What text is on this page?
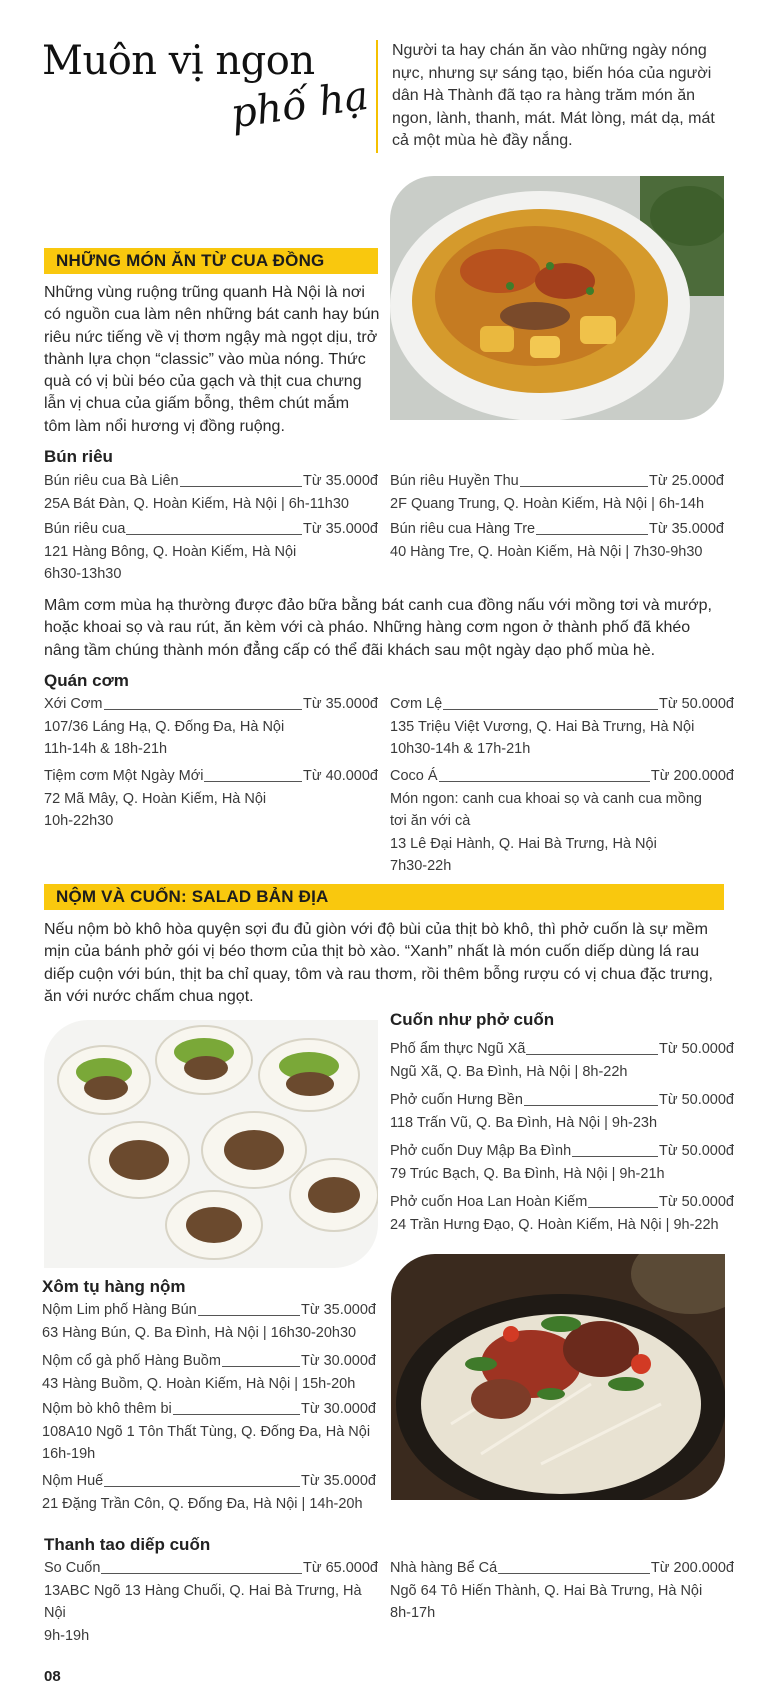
Muôn vị ngon
phố hạ

Người ta hay chán ăn vào những ngày nóng nực, nhưng sự sáng tạo, biến hóa của người dân Hà Thành đã tạo ra hàng trăm món ăn ngon, lành, thanh, mát. Mát lòng, mát dạ, mát cả một mùa hè đầy nắng.

NHỮNG MÓN ĂN TỪ CUA ĐỒNG

Những vùng ruộng trũng quanh Hà Nội là nơi có nguồn cua làm nên những bát canh hay bún riêu nức tiếng về vị thơm ngậy mà ngọt dịu, trở thành lựa chọn “classic” vào mùa nóng. Thức quà có vị bùi béo của gạch và thịt cua chưng lẫn vị chua của giấm bỗng, thêm chút mắm tôm làm nổi hương vị đồng ruộng.

Bún riêu
Bún riêu cua Bà Liên	Từ 35.000đ
25A Bát Đàn, Q. Hoàn Kiếm, Hà Nội | 6h-11h30
Bún riêu cua	Từ 35.000đ
121 Hàng Bông, Q. Hoàn Kiếm, Hà Nội
6h30-13h30
Bún riêu Huyền Thu	Từ 25.000đ
2F Quang Trung, Q. Hoàn Kiếm, Hà Nội | 6h-14h
Bún riêu cua Hàng Tre	Từ 35.000đ
40 Hàng Tre, Q. Hoàn Kiếm, Hà Nội | 7h30-9h30

Mâm cơm mùa hạ thường được đảo bữa bằng bát canh cua đồng nấu với mồng tơi và mướp, hoặc khoai sọ và rau rút, ăn kèm với cà pháo. Những hàng cơm ngon ở thành phố đã khéo nâng tầm chúng thành món đẳng cấp có thể đãi khách sau một ngày dạo phố mùa hè.

Quán cơm
Xới Cơm	Từ 35.000đ
107/36 Láng Hạ, Q. Đống Đa, Hà Nội
11h-14h & 18h-21h
Tiệm cơm Một Ngày Mới	Từ 40.000đ
72 Mã Mây, Q. Hoàn Kiếm, Hà Nội
10h-22h30
Cơm Lệ	Từ 50.000đ
135 Triệu Việt Vương, Q. Hai Bà Trưng, Hà Nội
10h30-14h & 17h-21h
Coco Á	Từ 200.000đ
Món ngon: canh cua khoai sọ và canh cua mồng
tơi ăn với cà
13 Lê Đại Hành, Q. Hai Bà Trưng, Hà Nội
7h30-22h
NỘM VÀ CUỐN: SALAD BẢN ĐỊA

Nếu nộm bò khô hòa quyện sợi đu đủ giòn với độ bùi của thịt bò khô, thì phở cuốn là sự mềm mịn của bánh phở gói vị béo thơm của thịt bò xào. “Xanh” nhất là món cuốn diếp dùng lá rau diếp cuộn với bún, thịt ba chỉ quay, tôm và rau thơm, rồi thêm bỗng rượu có vị chua đặc trưng, ăn với nước chấm chua ngọt.

Cuốn như phở cuốn
Phố ẩm thực Ngũ Xã	Từ 50.000đ
Ngũ Xã, Q. Ba Đình, Hà Nội | 8h-22h
Phở cuốn Hưng Bền	Từ 50.000đ
118 Trấn Vũ, Q. Ba Đình, Hà Nội | 9h-23h
Phở cuốn Duy Mập Ba Đình	Từ 50.000đ
79 Trúc Bạch, Q. Ba Đình, Hà Nội | 9h-21h
Phở cuốn Hoa Lan Hoàn Kiếm	Từ 50.000đ
24 Trần Hưng Đạo, Q. Hoàn Kiếm, Hà Nội | 9h-22h
Xôm tụ hàng nộm
Nộm Lim phố Hàng Bún	Từ 35.000đ
63 Hàng Bún, Q. Ba Đình, Hà Nội | 16h30-20h30
Nộm cổ gà phố Hàng Buồm	Từ 30.000đ
43 Hàng Buồm, Q. Hoàn Kiếm, Hà Nội | 15h-20h
Nộm bò khô thêm bi	Từ 30.000đ
108A10 Ngõ 1 Tôn Thất Tùng, Q. Đống Đa, Hà Nội
16h-19h
Nộm Huế	Từ 35.000đ
21 Đặng Trần Côn, Q. Đống Đa, Hà Nội | 14h-20h
Thanh tao diếp cuốn
So Cuốn	Từ 65.000đ
13ABC Ngõ 13 Hàng Chuối, Q. Hai Bà Trưng, Hà Nội
9h-19h
Nhà hàng Bể Cá	Từ 200.000đ
Ngõ 64 Tô Hiến Thành, Q. Hai Bà Trưng, Hà Nội
8h-17h
08
